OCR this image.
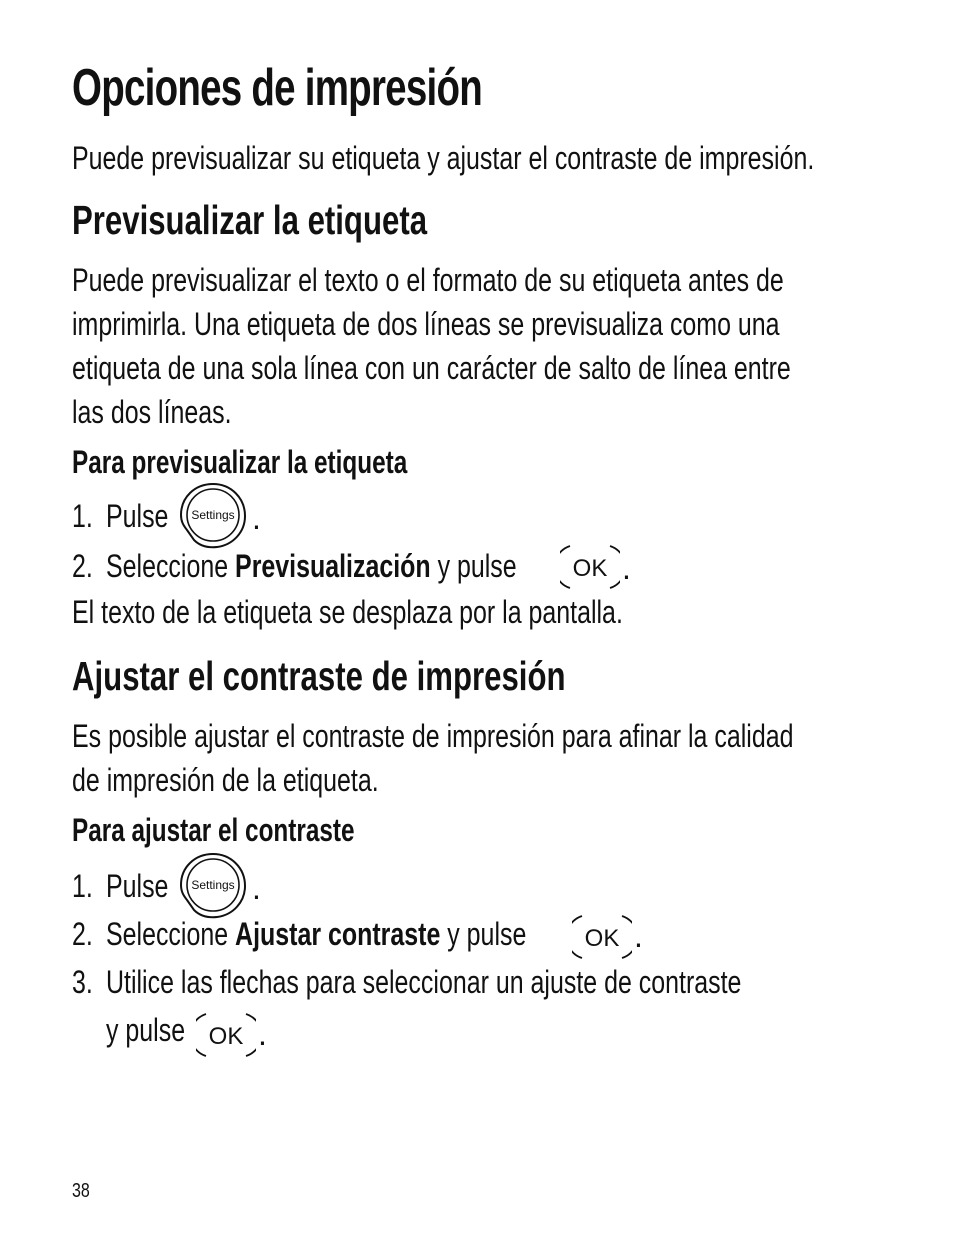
Opciones de impresión
Puede previsualizar su etiqueta y ajustar el contraste de impresión.
Previsualizar la etiqueta
Puede previsualizar el texto o el formato de su etiqueta antes de
imprimirla. Una etiqueta de dos líneas se previsualiza como una
etiqueta de una sola línea con un carácter de salto de línea entre
las dos líneas.
Para previsualizar la etiqueta
1. Pulse Settings .
2. Seleccione Previsualización y pulse OK .
El texto de la etiqueta se desplaza por la pantalla.
Ajustar el contraste de impresión
Es posible ajustar el contraste de impresión para afinar la calidad
de impresión de la etiqueta.
Para ajustar el contraste
1. Pulse Settings .
2. Seleccione Ajustar contraste y pulse OK .
3. Utilice las flechas para seleccionar un ajuste de contraste
y pulse OK .
38
